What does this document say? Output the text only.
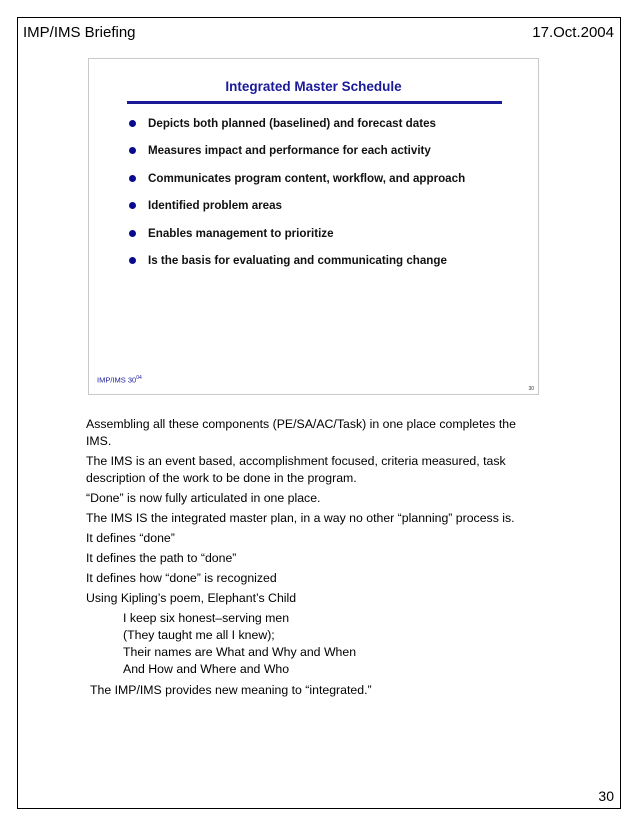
IMP/IMS Briefing	17.Oct.2004
Integrated Master Schedule
Depicts both planned (baselined) and forecast dates
Measures impact and performance for each activity
Communicates program content, workflow, and approach
Identified problem areas
Enables management to prioritize
Is the basis for evaluating and communicating change
IMP/IMS $30^{04}$
30

Assembling all these components (PE/SA/AC/Task) in one place completes the IMS.

The IMS is an event based, accomplishment focused, criteria measured, task description of the work to be done in the program.

“Done” is now fully articulated in one place.

The IMS IS the integrated master plan, in a way no other “planning” process is.

It defines “done”

It defines the path to “done”

It defines how “done” is recognized

Using Kipling’s poem, Elephant’s Child

I keep six honest–serving men

(They taught me all I knew);

Their names are What and Why and When

And How and Where and Who

The IMP/IMS provides new meaning to “integrated.”

30
